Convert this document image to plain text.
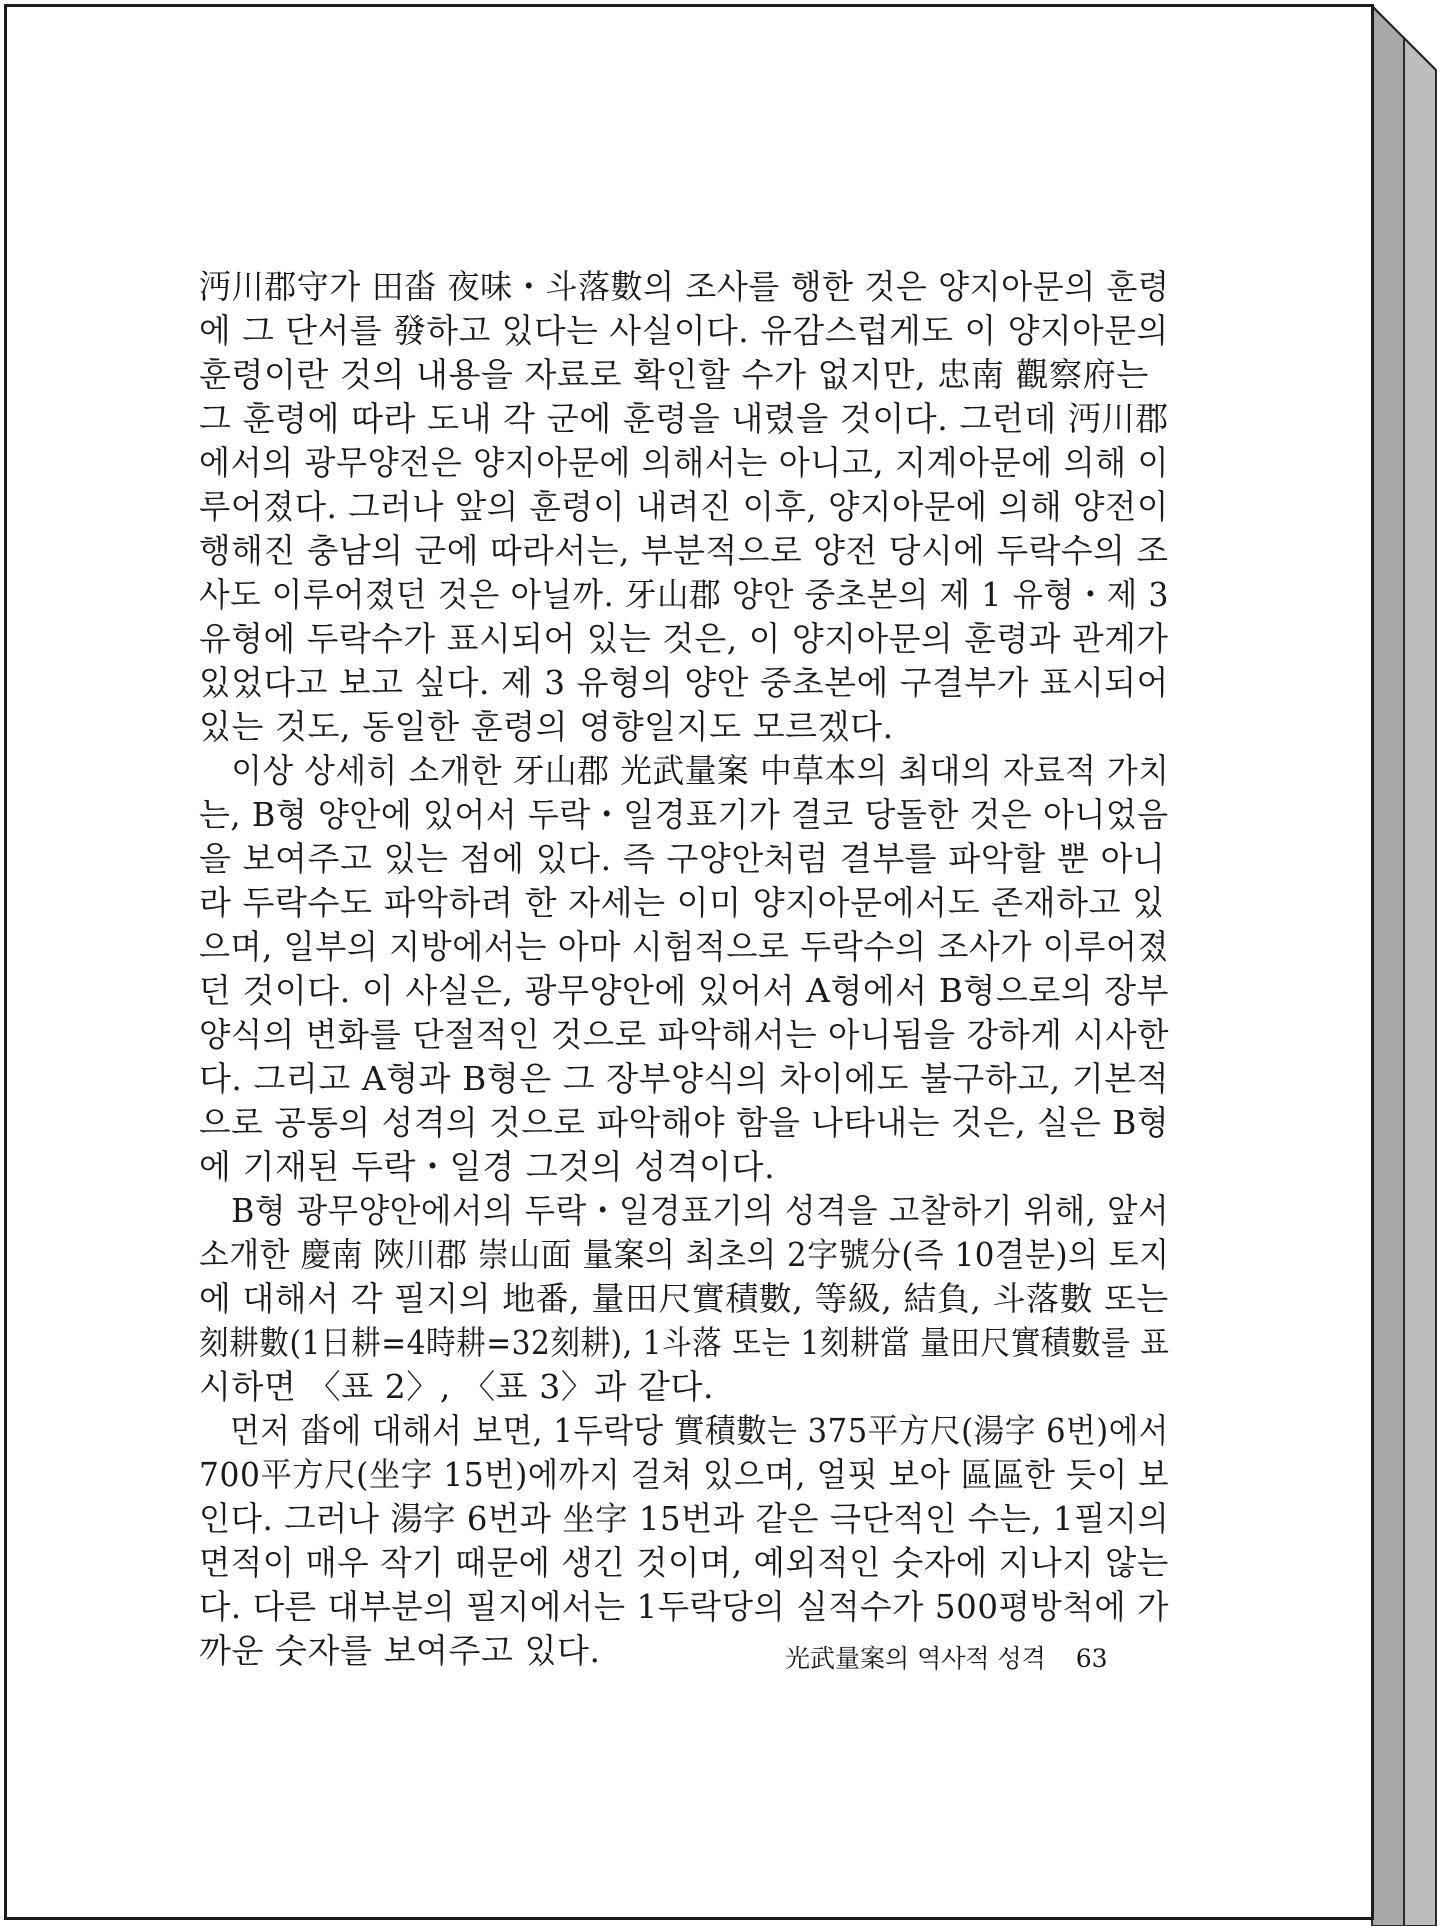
沔川郡守가 田畓 夜味・斗落數의 조사를 행한 것은 양지아문의 훈령
에 그 단서를 發하고 있다는 사실이다. 유감스럽게도 이 양지아문의
훈령이란 것의 내용을 자료로 확인할 수가 없지만, 忠南 觀察府는
그 훈령에 따라 도내 각 군에 훈령을 내렸을 것이다. 그런데 沔川郡
에서의 광무양전은 양지아문에 의해서는 아니고, 지계아문에 의해 이
루어졌다. 그러나 앞의 훈령이 내려진 이후, 양지아문에 의해 양전이
행해진 충남의 군에 따라서는, 부분적으로 양전 당시에 두락수의 조
사도 이루어졌던 것은 아닐까. 牙山郡 양안 중초본의 제 1 유형・제 3
유형에 두락수가 표시되어 있는 것은, 이 양지아문의 훈령과 관계가
있었다고 보고 싶다. 제 3 유형의 양안 중초본에 구결부가 표시되어
있는 것도, 동일한 훈령의 영향일지도 모르겠다.
　이상 상세히 소개한 牙山郡 光武量案 中草本의 최대의 자료적 가치
는, B형 양안에 있어서 두락・일경표기가 결코 당돌한 것은 아니었음
을 보여주고 있는 점에 있다. 즉 구양안처럼 결부를 파악할 뿐 아니
라 두락수도 파악하려 한 자세는 이미 양지아문에서도 존재하고 있
으며, 일부의 지방에서는 아마 시험적으로 두락수의 조사가 이루어졌
던 것이다. 이 사실은, 광무양안에 있어서 A형에서 B형으로의 장부
양식의 변화를 단절적인 것으로 파악해서는 아니됨을 강하게 시사한
다. 그리고 A형과 B형은 그 장부양식의 차이에도 불구하고, 기본적
으로 공통의 성격의 것으로 파악해야 함을 나타내는 것은, 실은 B형
에 기재된 두락・일경 그것의 성격이다.
　B형 광무양안에서의 두락・일경표기의 성격을 고찰하기 위해, 앞서
소개한 慶南 陜川郡 崇山面 量案의 최초의 2字號分(즉 10결분)의 토지
에 대해서 각 필지의 地番, 量田尺實積數, 等級, 結負, 斗落數 또는
刻耕數(1日耕=4時耕=32刻耕), 1斗落 또는 1刻耕當 量田尺實積數를 표
시하면 〈표 2〉, 〈표 3〉과 같다.
　먼저 畓에 대해서 보면, 1두락당 實積數는 375平方尺(湯字 6번)에서
700平方尺(坐字 15번)에까지 걸쳐 있으며, 얼핏 보아 區區한 듯이 보
인다. 그러나 湯字 6번과 坐字 15번과 같은 극단적인 수는, 1필지의
면적이 매우 작기 때문에 생긴 것이며, 예외적인 숫자에 지나지 않는
다. 다른 대부분의 필지에서는 1두락당의 실적수가 500평방척에 가
까운 숫자를 보여주고 있다.	光武量案의 역사적 성격 63
